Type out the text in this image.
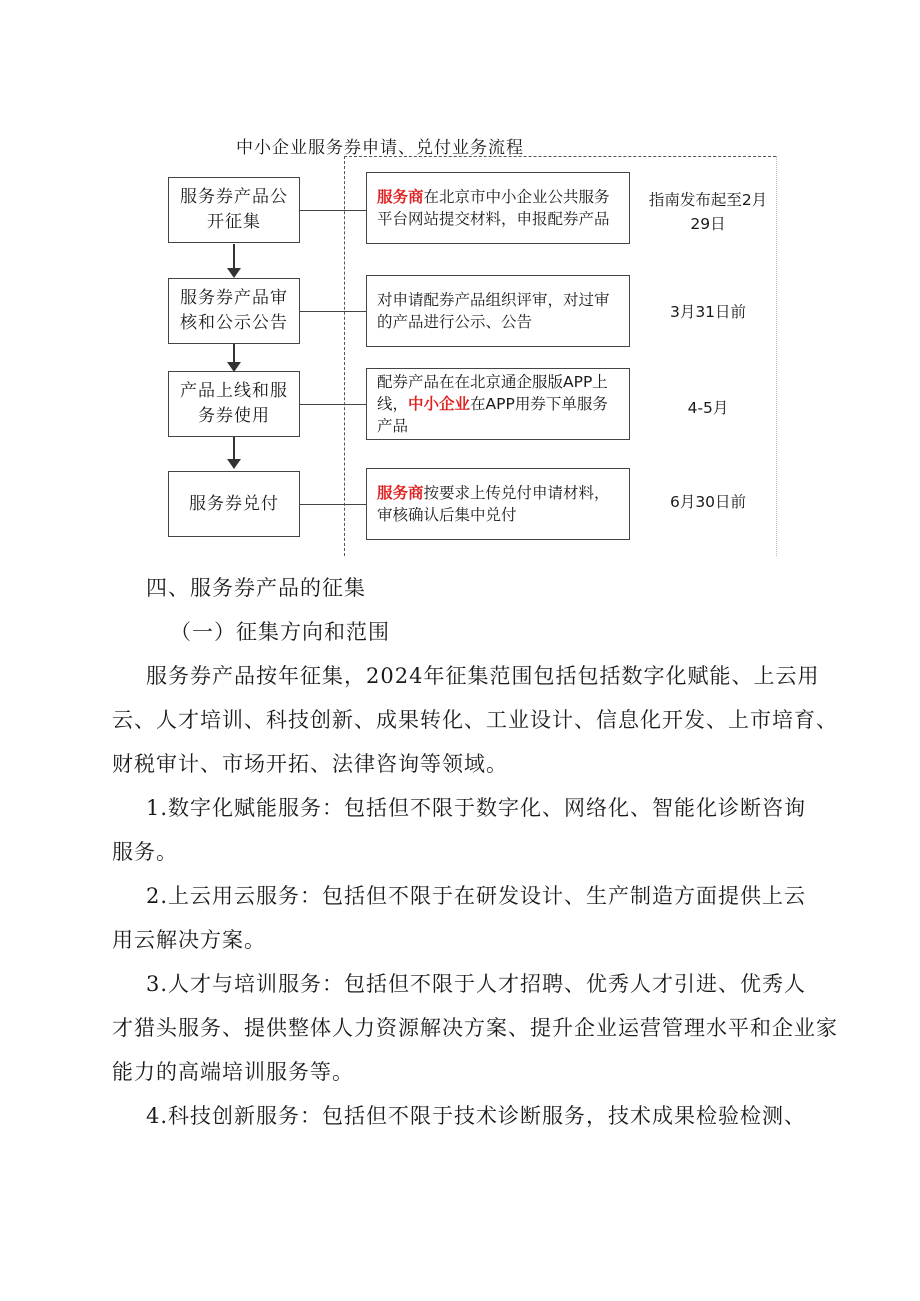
中小企业服务券申请、兑付业务流程
服务券产品公开征集
服务商在北京市中小企业公共服务平台网站提交材料，申报配券产品
指南发布起至2月29日
服务券产品审核和公示公告
对申请配券产品组织评审，对过审的产品进行公示、公告
3月31日前
产品上线和服务券使用
配券产品在在北京通企服版APP上线，中小企业在APP用券下单服务产品
4-5月
服务券兑付
服务商按要求上传兑付申请材料，审核确认后集中兑付
6月30日前

四、服务券产品的征集

（一）征集方向和范围

服务券产品按年征集，2024年征集范围包括包括数字化赋能、上云用

云、人才培训、科技创新、成果转化、工业设计、信息化开发、上市培育、

财税审计、市场开拓、法律咨询等领域。

1.数字化赋能服务：包括但不限于数字化、网络化、智能化诊断咨询

服务。

2.上云用云服务：包括但不限于在研发设计、生产制造方面提供上云

用云解决方案。

3.人才与培训服务：包括但不限于人才招聘、优秀人才引进、优秀人

才猎头服务、提供整体人力资源解决方案、提升企业运营管理水平和企业家

能力的高端培训服务等。

4.科技创新服务：包括但不限于技术诊断服务，技术成果检验检测、
